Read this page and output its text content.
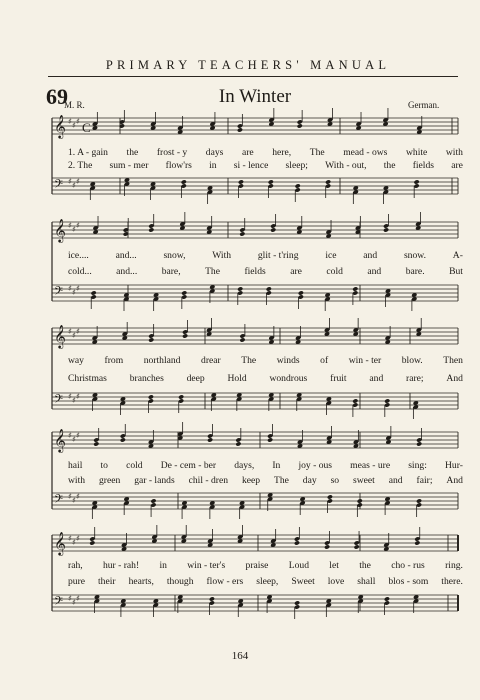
PRIMARY TEACHERS' MANUAL
69	In Winter
M. R.	German.
𝄞 ♯ ♯ ♯
𝄢 ♯ ♯ ♯
𝄞 ♯ ♯ ♯
𝄢 ♯ ♯ ♯
𝄞 ♯ ♯ ♯
𝄢 ♯ ♯ ♯
𝄞 ♯ ♯ ♯
𝄢 ♯ ♯ ♯
𝄞 ♯ ♯ ♯
𝄢 ♯ ♯ ♯
C
1. A - gain the frost - y days are here, The mead - ows white with
2. The sum - mer flow'rs in si - lence sleep; With - out, the fields are
ice....	and...	snow,	With	glit - t'ring	ice	and	snow.	A-
cold...	and...	bare,	The	fields	are	cold	and	bare.	But
way from northland drear The winds of win - ter blow. Then
Christmas branches deep Hold wondrous fruit and rare; And
hail to cold De - cem - ber days, In joy - ous meas - ure sing: Hur-
with green gar - lands chil - dren keep The day so sweet and fair; And
rah, hur - rah! in win - ter's praise Loud let the cho - rus ring.
pure their hearts, though flow - ers sleep, Sweet love shall blos - som there.
164
